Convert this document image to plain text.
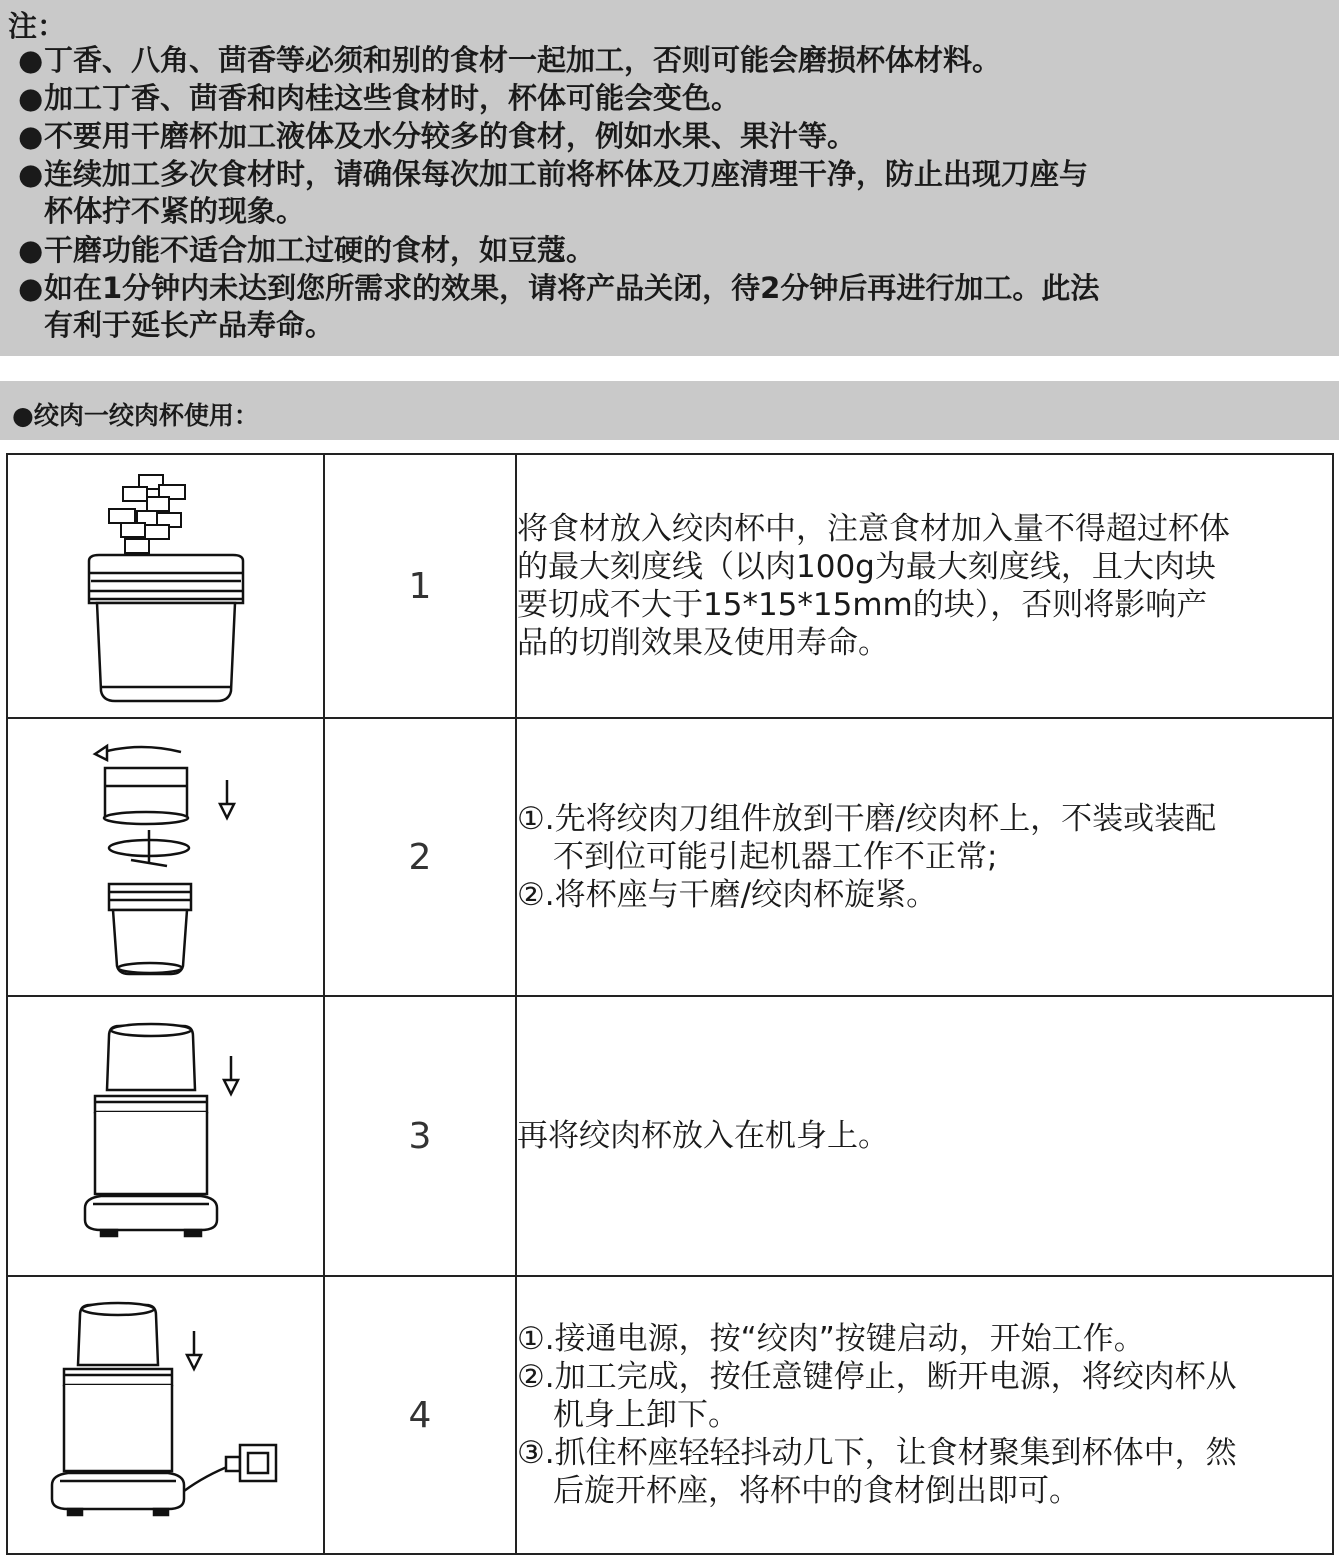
注：
●丁香、八角、茴香等必须和别的食材一起加工，否则可能会磨损杯体材料。
●加工丁香、茴香和肉桂这些食材时，杯体可能会变色。
●不要用干磨杯加工液体及水分较多的食材，例如水果、果汁等。
●连续加工多次食材时，请确保每次加工前将杯体及刀座清理干净，防止出现刀座与
杯体拧不紧的现象。
●干磨功能不适合加工过硬的食材，如豆蔻。
●如在1分钟内未达到您所需求的效果，请将产品关闭，待2分钟后再进行加工。此法
有利于延长产品寿命。
●绞肉一绞肉杯使用：
	1	将食材放入绞肉杯中，注意食材加入量不得超过杯体
的最大刻度线（以肉100g为最大刻度线，且大肉块
要切成不大于15*15*15mm的块），否则将影响产
品的切削效果及使用寿命。

	2	①.先将绞肉刀组件放到干磨/绞肉杯上，不装或装配
不到位可能引起机器工作不正常;
②.将杯座与干磨/绞肉杯旋紧。

	3	再将绞肉杯放入在机身上。

	4	①.接通电源，按“绞肉”按键启动，开始工作。
②.加工完成，按任意键停止，断开电源，将绞肉杯从
机身上卸下。
③.抓住杯座轻轻抖动几下，让食材聚集到杯体中，然
后旋开杯座，将杯中的食材倒出即可。
